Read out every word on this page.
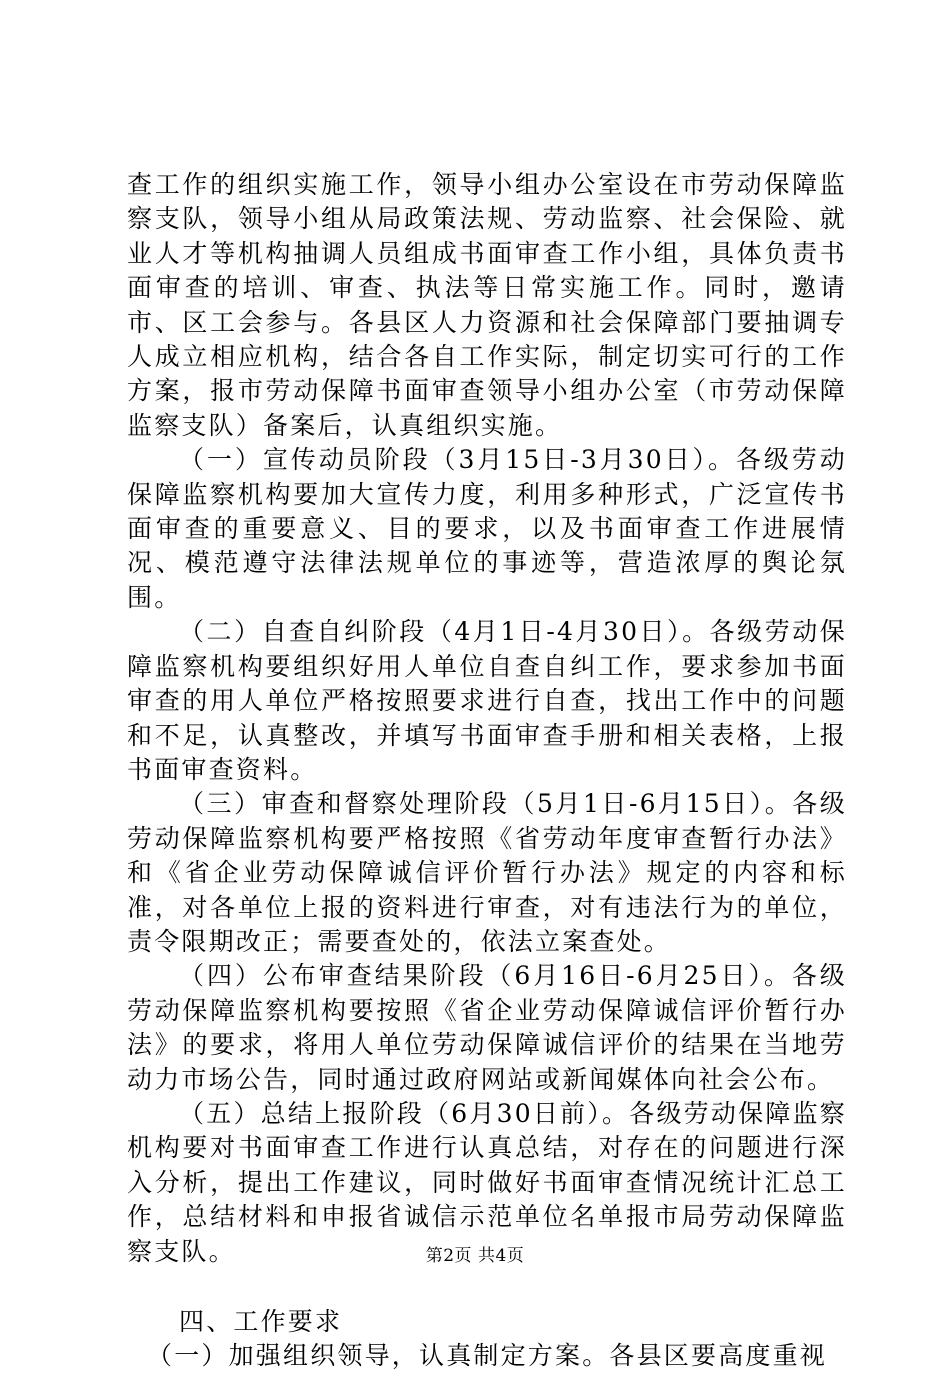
查工作的组织实施工作，领导小组办公室设在市劳动保障监察支队，领导小组从局政策法规、劳动监察、社会保险、就业人才等机构抽调人员组成书面审查工作小组，具体负责书面审查的培训、审查、执法等日常实施工作。同时，邀请市、区工会参与。各县区人力资源和社会保障部门要抽调专人成立相应机构，结合各自工作实际，制定切实可行的工作方案，报市劳动保障书面审查领导小组办公室（市劳动保障监察支队）备案后，认真组织实施。

（一）宣传动员阶段（3月15日-3月30日）。各级劳动保障监察机构要加大宣传力度，利用多种形式，广泛宣传书面审查的重要意义、目的要求，以及书面审查工作进展情况、模范遵守法律法规单位的事迹等，营造浓厚的舆论氛围。

（二）自查自纠阶段（4月1日-4月30日）。各级劳动保障监察机构要组织好用人单位自查自纠工作，要求参加书面审查的用人单位严格按照要求进行自查，找出工作中的问题和不足，认真整改，并填写书面审查手册和相关表格，上报书面审查资料。

（三）审查和督察处理阶段（5月1日-6月15日）。各级劳动保障监察机构要严格按照《省劳动年度审查暂行办法》和《省企业劳动保障诚信评价暂行办法》规定的内容和标准，对各单位上报的资料进行审查，对有违法行为的单位，责令限期改正；需要查处的，依法立案查处。

（四）公布审查结果阶段（6月16日-6月25日）。各级劳动保障监察机构要按照《省企业劳动保障诚信评价暂行办法》的要求，将用人单位劳动保障诚信评价的结果在当地劳动力市场公告，同时通过政府网站或新闻媒体向社会公布。

（五）总结上报阶段（6月30日前）。各级劳动保障监察机构要对书面审查工作进行认真总结，对存在的问题进行深入分析，提出工作建议，同时做好书面审查情况统计汇总工作，总结材料和申报省诚信示范单位名单报市局劳动保障监察支队。

四、工作要求

（一）加强组织领导，认真制定方案。各县区要高度重视

第2页 共4页
